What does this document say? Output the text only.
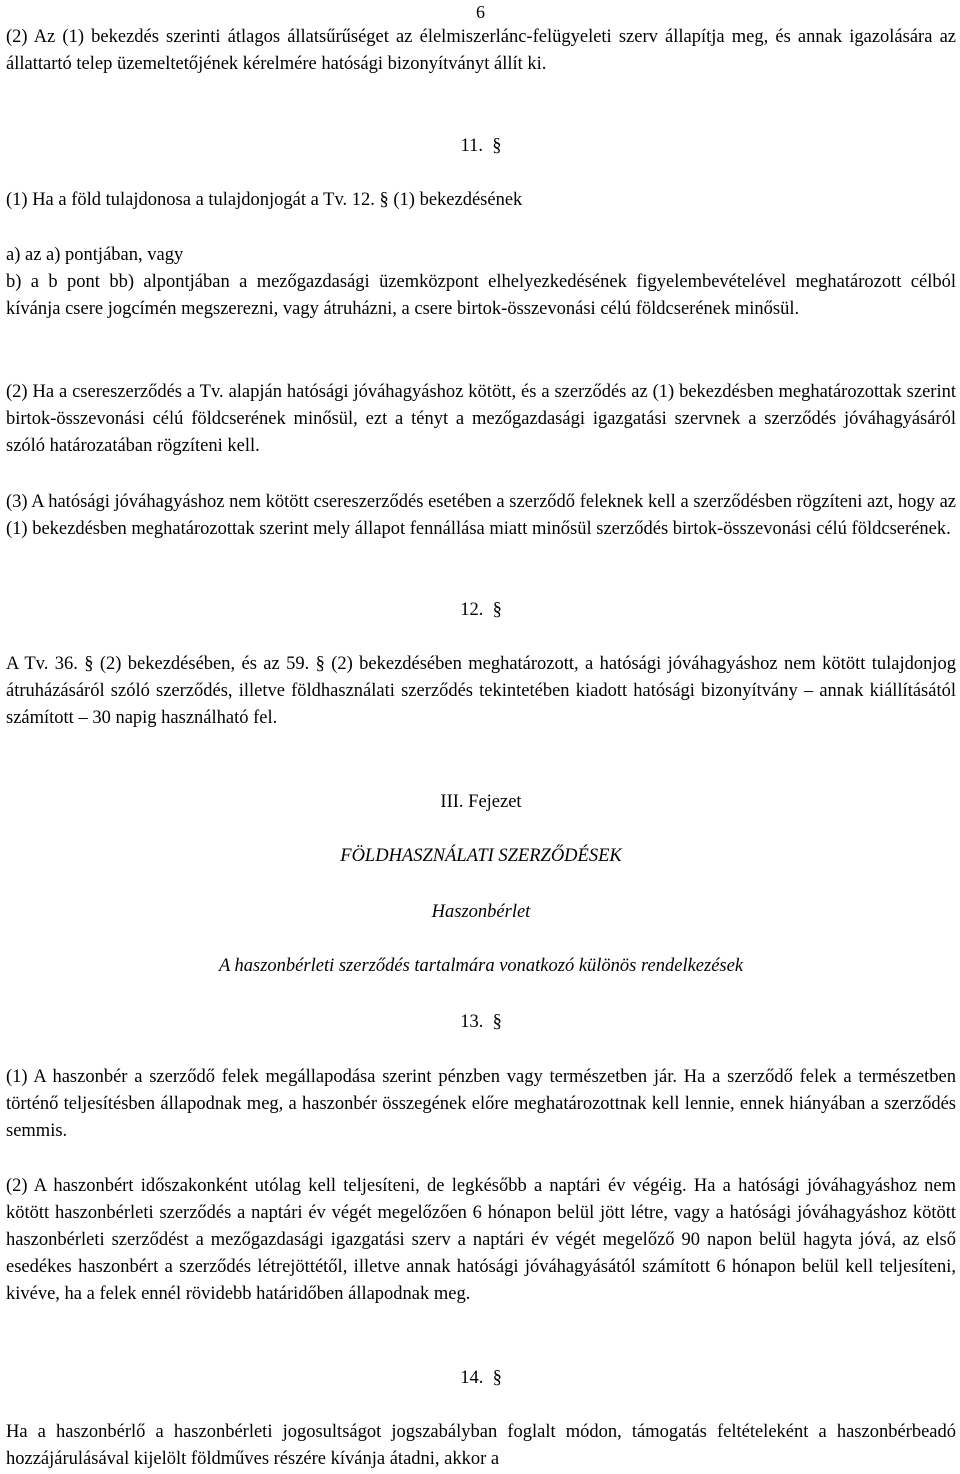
6

(2) Az (1) bekezdés szerinti átlagos állatsűrűséget az élelmiszerlánc-felügyeleti szerv állapítja meg, és annak igazolására az állattartó telep üzemeltetőjének kérelmére hatósági bizonyítványt állít ki.

11.  §

(1) Ha a föld tulajdonosa a tulajdonjogát a Tv. 12. § (1) bekezdésének

a) az a) pontjában, vagy

b) a b pont bb) alpontjában a mezőgazdasági üzemközpont elhelyezkedésének figyelembevételével meghatározott célból kívánja csere jogcímén megszerezni, vagy átruházni, a csere birtok-összevonási célú földcserének minősül.

(2) Ha a csereszerződés a Tv. alapján hatósági jóváhagyáshoz kötött, és a szerződés az (1) bekezdésben meghatározottak szerint birtok-összevonási célú földcserének minősül, ezt a tényt a mezőgazdasági igazgatási szervnek a szerződés jóváhagyásáról szóló határozatában rögzíteni kell.

(3) A hatósági jóváhagyáshoz nem kötött csereszerződés esetében a szerződő feleknek kell a szerződésben rögzíteni azt, hogy az (1) bekezdésben meghatározottak szerint mely állapot fennállása miatt minősül szerződés birtok-összevonási célú földcserének.

12.  §

A Tv. 36. § (2) bekezdésében, és az 59. § (2) bekezdésében meghatározott, a hatósági jóváhagyáshoz nem kötött tulajdonjog átruházásáról szóló szerződés, illetve földhasználati szerződés tekintetében kiadott hatósági bizonyítvány – annak kiállításától számított – 30 napig használható fel.

III. Fejezet

FÖLDHASZNÁLATI SZERZŐDÉSEK

Haszonbérlet

A haszonbérleti szerződés tartalmára vonatkozó különös rendelkezések

13.  §

(1) A haszonbér a szerződő felek megállapodása szerint pénzben vagy természetben jár. Ha a szerződő felek a természetben történő teljesítésben állapodnak meg, a haszonbér összegének előre meghatározottnak kell lennie, ennek hiányában a szerződés semmis.

(2) A haszonbért időszakonként utólag kell teljesíteni, de legkésőbb a naptári év végéig. Ha a hatósági jóváhagyáshoz nem kötött haszonbérleti szerződés a naptári év végét megelőzően 6 hónapon belül jött létre, vagy a hatósági jóváhagyáshoz kötött haszonbérleti szerződést a mezőgazdasági igazgatási szerv a naptári év végét megelőző 90 napon belül hagyta jóvá, az első esedékes haszonbért a szerződés létrejöttétől, illetve annak hatósági jóváhagyásától számított 6 hónapon belül kell teljesíteni, kivéve, ha a felek ennél rövidebb határidőben állapodnak meg.

14.  §

Ha a haszonbérlő a haszonbérleti jogosultságot jogszabályban foglalt módon, támogatás feltételeként a haszonbérbeadó hozzájárulásával kijelölt földműves részére kívánja átadni, akkor a
